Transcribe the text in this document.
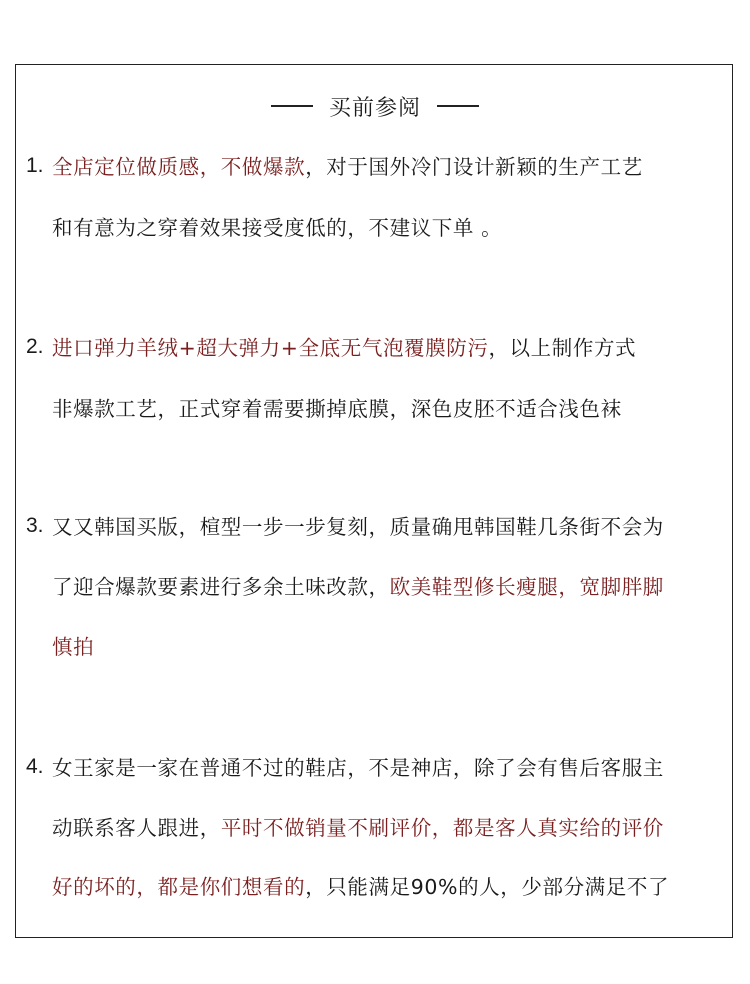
买前参阅
1. 全店定位做质感，不做爆款，对于国外冷门设计新颖的生产工艺
和有意为之穿着效果接受度低的，不建议下单 。
2. 进口弹力羊绒+超大弹力+全底无气泡覆膜防污，以上制作方式
非爆款工艺，正式穿着需要撕掉底膜，深色皮胚不适合浅色袜
3. 又又韩国买版，楦型一步一步复刻，质量确甩韩国鞋几条街不会为
了迎合爆款要素进行多余土味改款，欧美鞋型修长瘦腿，宽脚胖脚
慎拍
4. 女王家是一家在普通不过的鞋店，不是神店，除了会有售后客服主
动联系客人跟进，平时不做销量不刷评价，都是客人真实给的评价
好的坏的，都是你们想看的，只能满足90%的人，少部分满足不了
